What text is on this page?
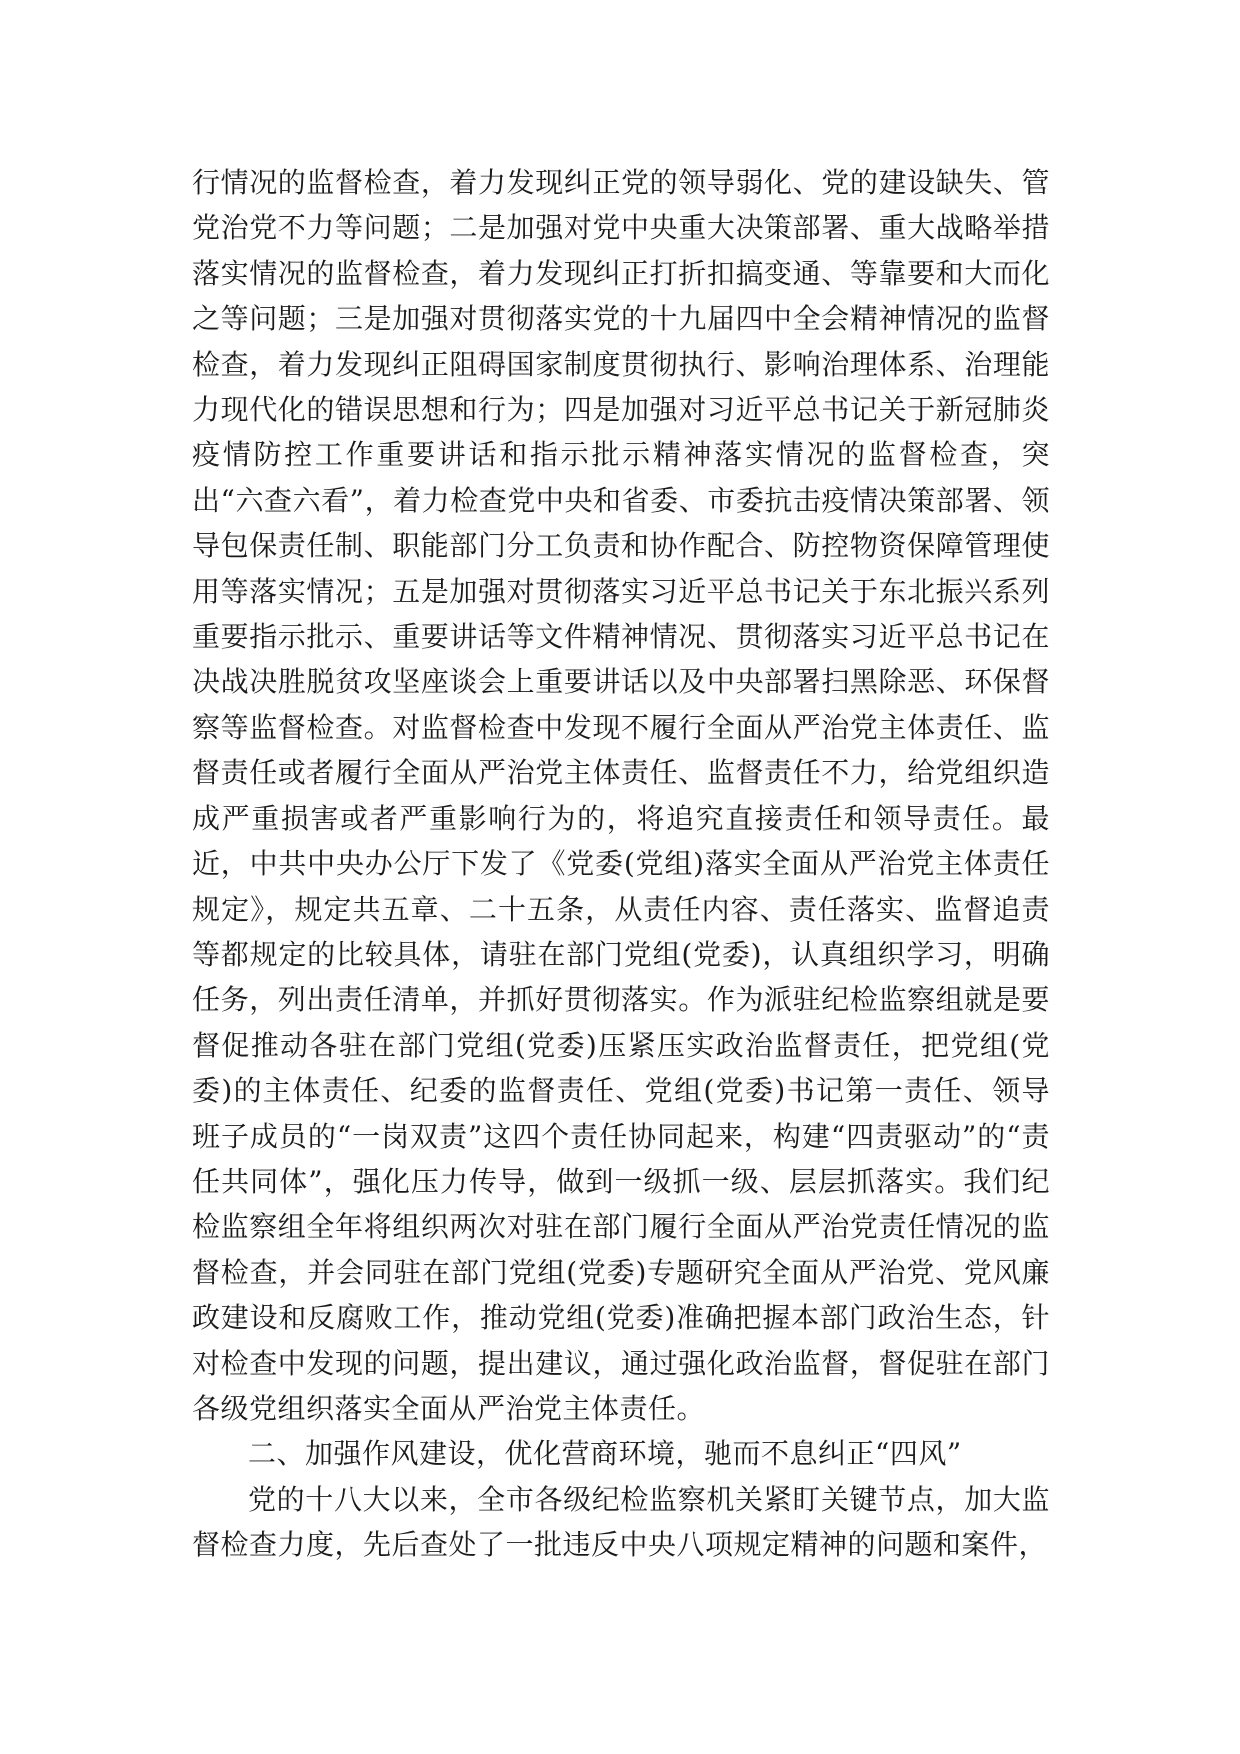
行情况的监督检查，着力发现纠正党的领导弱化、党的建设缺失、管党治党不力等问题；二是加强对党中央重大决策部署、重大战略举措落实情况的监督检查，着力发现纠正打折扣搞变通、等靠要和大而化之等问题；三是加强对贯彻落实党的十九届四中全会精神情况的监督检查，着力发现纠正阻碍国家制度贯彻执行、影响治理体系、治理能力现代化的错误思想和行为；四是加强对习近平总书记关于新冠肺炎疫情防控工作重要讲话和指示批示精神落实情况的监督检查，突出“六查六看”，着力检查党中央和省委、市委抗击疫情决策部署、领导包保责任制、职能部门分工负责和协作配合、防控物资保障管理使用等落实情况；五是加强对贯彻落实习近平总书记关于东北振兴系列重要指示批示、重要讲话等文件精神情况、贯彻落实习近平总书记在决战决胜脱贫攻坚座谈会上重要讲话以及中央部署扫黑除恶、环保督察等监督检查。对监督检查中发现不履行全面从严治党主体责任、监督责任或者履行全面从严治党主体责任、监督责任不力，给党组织造成严重损害或者严重影响行为的，将追究直接责任和领导责任。最近，中共中央办公厅下发了《党委(党组)落实全面从严治党主体责任规定》，规定共五章、二十五条，从责任内容、责任落实、监督追责等都规定的比较具体，请驻在部门党组(党委)，认真组织学习，明确任务，列出责任清单，并抓好贯彻落实。作为派驻纪检监察组就是要督促推动各驻在部门党组(党委)压紧压实政治监督责任，把党组(党委)的主体责任、纪委的监督责任、党组(党委)书记第一责任、领导班子成员的“一岗双责”这四个责任协同起来，构建“四责驱动”的“责任共同体”，强化压力传导，做到一级抓一级、层层抓落实。我们纪检监察组全年将组织两次对驻在部门履行全面从严治党责任情况的监督检查，并会同驻在部门党组(党委)专题研究全面从严治党、党风廉政建设和反腐败工作，推动党组(党委)准确把握本部门政治生态，针对检查中发现的问题，提出建议，通过强化政治监督，督促驻在部门各级党组织落实全面从严治党主体责任。

二、加强作风建设，优化营商环境，驰而不息纠正“四风”

党的十八大以来，全市各级纪检监察机关紧盯关键节点，加大监督检查力度，先后查处了一批违反中央八项规定精神的问题和案件，
